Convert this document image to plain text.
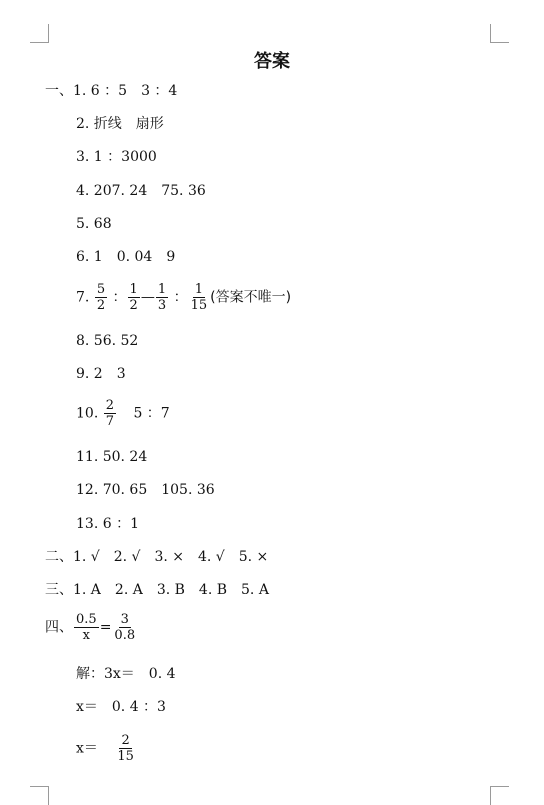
答案
一、1. 6 ：5　3 ：4
2. 折线　扇形
3. 1 ：3000
4. 207. 24　75. 36
5. 68
6. 1　0. 04　9
7. $\frac{5}{2}$ ： $\frac{1}{2}$ — $\frac{1}{3}$ ： $\frac{1}{15}$ (答案不唯一)
8. 56. 52
9. 2　3
10. $\frac{2}{7} 5$ ：7
11. 50. 24
12. 70. 65　105. 36
13. 6 ：1
二、1. √　2. √　3. ×　4. √　5. ×
三、1. A　2. A　3. B　4. B　5. A
四、 $\frac{0.5}{x} = \frac{3}{0.8}$
解：3x＝　0. 4
x＝　0. 4 ：3
$x= \frac{2}{15}$
